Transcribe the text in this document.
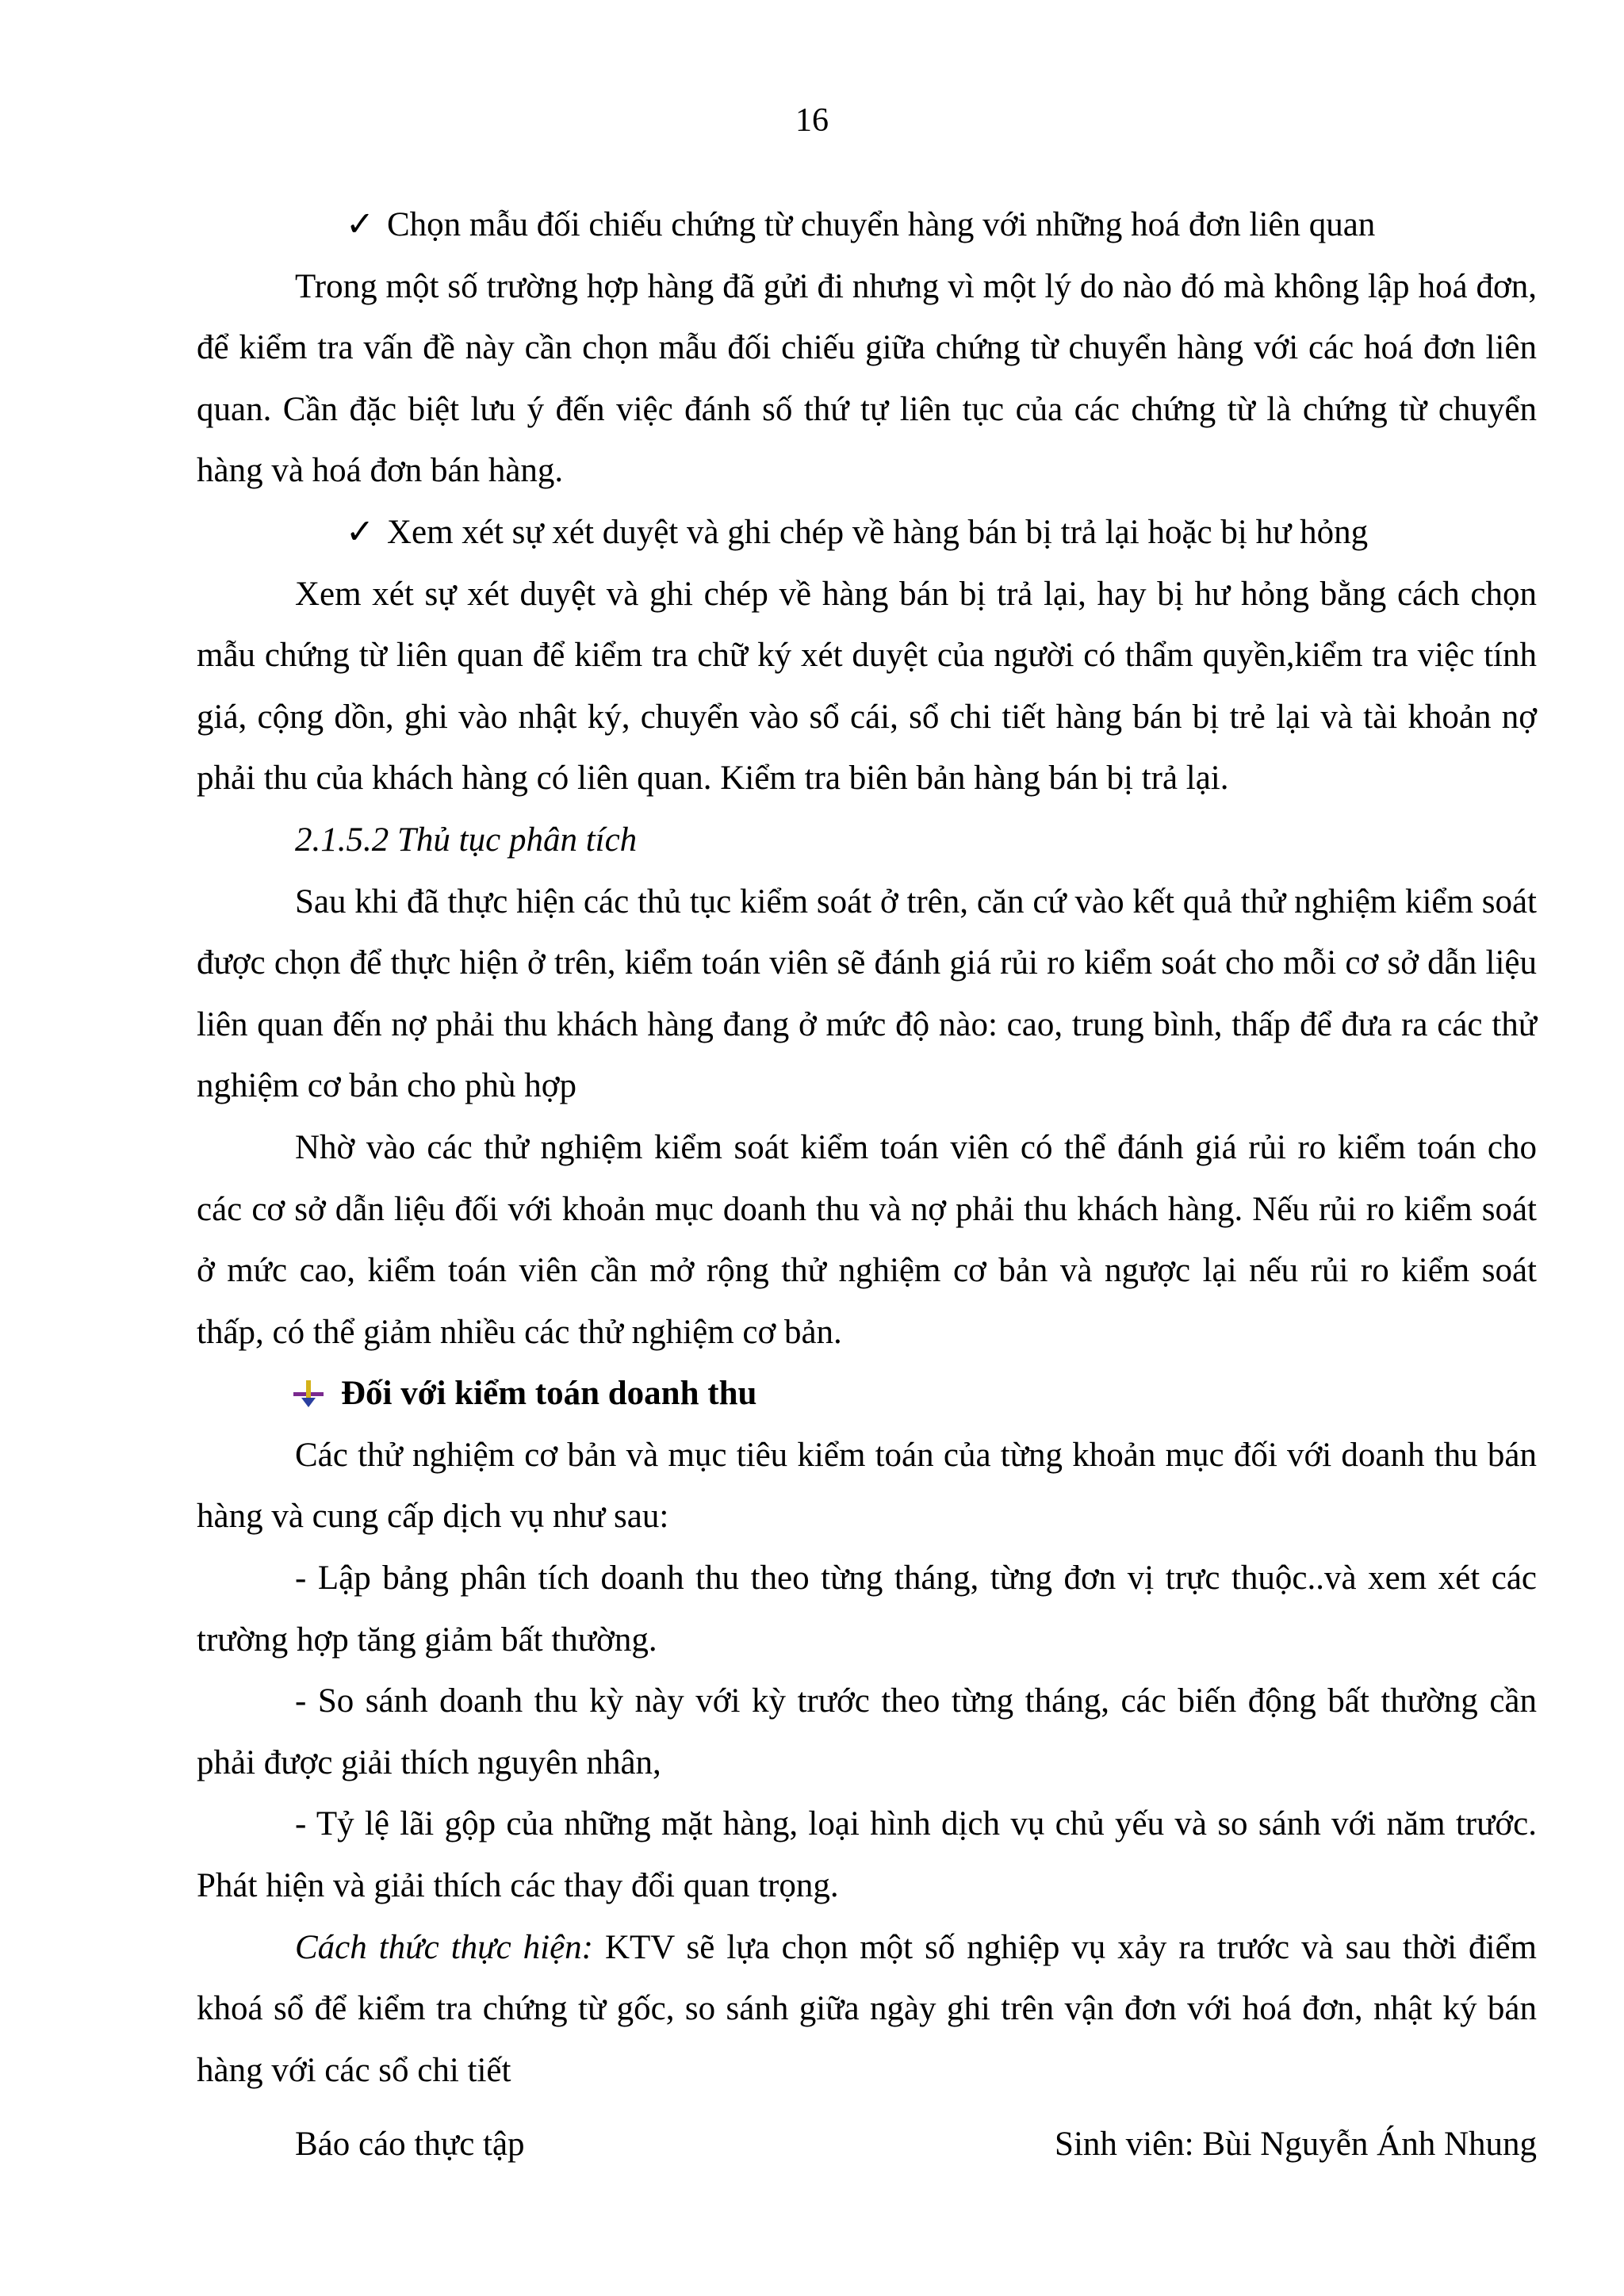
16

✓ Chọn mẫu đối chiếu chứng từ chuyển hàng với những hoá đơn liên quan

Trong một số trường hợp hàng đã gửi đi nhưng vì một lý do nào đó mà không lập hoá đơn, để kiểm tra vấn đề này cần chọn mẫu đối chiếu giữa chứng từ chuyển hàng với các hoá đơn liên quan. Cần đặc biệt lưu ý đến việc đánh số thứ tự liên tục của các chứng từ là chứng từ chuyển hàng và hoá đơn bán hàng.

✓ Xem xét sự xét duyệt và ghi chép về hàng bán bị trả lại hoặc bị hư hỏng

Xem xét sự xét duyệt và ghi chép về hàng bán bị trả lại, hay bị hư hỏng bằng cách chọn mẫu chứng từ liên quan để kiểm tra chữ ký xét duyệt của người có thẩm quyền,kiểm tra việc tính giá, cộng dồn, ghi vào nhật ký, chuyển vào sổ cái, sổ chi tiết hàng bán bị trẻ lại và tài khoản nợ phải thu của khách hàng có liên quan. Kiểm tra biên bản hàng bán bị trả lại.

2.1.5.2 Thủ tục phân tích

Sau khi đã thực hiện các thủ tục kiểm soát ở trên, căn cứ vào kết quả thử nghiệm kiểm soát được chọn để thực hiện ở trên, kiểm toán viên sẽ đánh giá rủi ro kiểm soát cho mỗi cơ sở dẫn liệu liên quan đến nợ phải thu khách hàng đang ở mức độ nào: cao, trung bình, thấp để đưa ra các thử nghiệm cơ bản cho phù hợp

Nhờ vào các thử nghiệm kiểm soát kiểm toán viên có thể đánh giá rủi ro kiểm toán cho các cơ sở dẫn liệu đối với khoản mục doanh thu và nợ phải thu khách hàng. Nếu rủi ro kiểm soát ở mức cao, kiểm toán viên cần mở rộng thử nghiệm cơ bản và ngược lại nếu rủi ro kiểm soát thấp, có thể giảm nhiều các thử nghiệm cơ bản.

Đối với kiểm toán doanh thu

Các thử nghiệm cơ bản và mục tiêu kiểm toán của từng khoản mục đối với doanh thu bán hàng và cung cấp dịch vụ như sau:

- Lập bảng phân tích doanh thu theo từng tháng, từng đơn vị trực thuộc..và xem xét các trường hợp tăng giảm bất thường.

- So sánh doanh thu kỳ này với kỳ trước theo từng tháng, các biến động bất thường cần phải được giải thích nguyên nhân,

- Tỷ lệ lãi gộp của những mặt hàng, loại hình dịch vụ chủ yếu và so sánh với năm trước. Phát hiện và giải thích các thay đổi quan trọng.

Cách thức thực hiện: KTV sẽ lựa chọn một số nghiệp vụ xảy ra trước và sau thời điểm khoá sổ để kiểm tra chứng từ gốc, so sánh giữa ngày ghi trên vận đơn với hoá đơn, nhật ký bán hàng với các sổ chi tiết

Báo cáo thực tập	Sinh viên: Bùi Nguyễn Ánh Nhung
